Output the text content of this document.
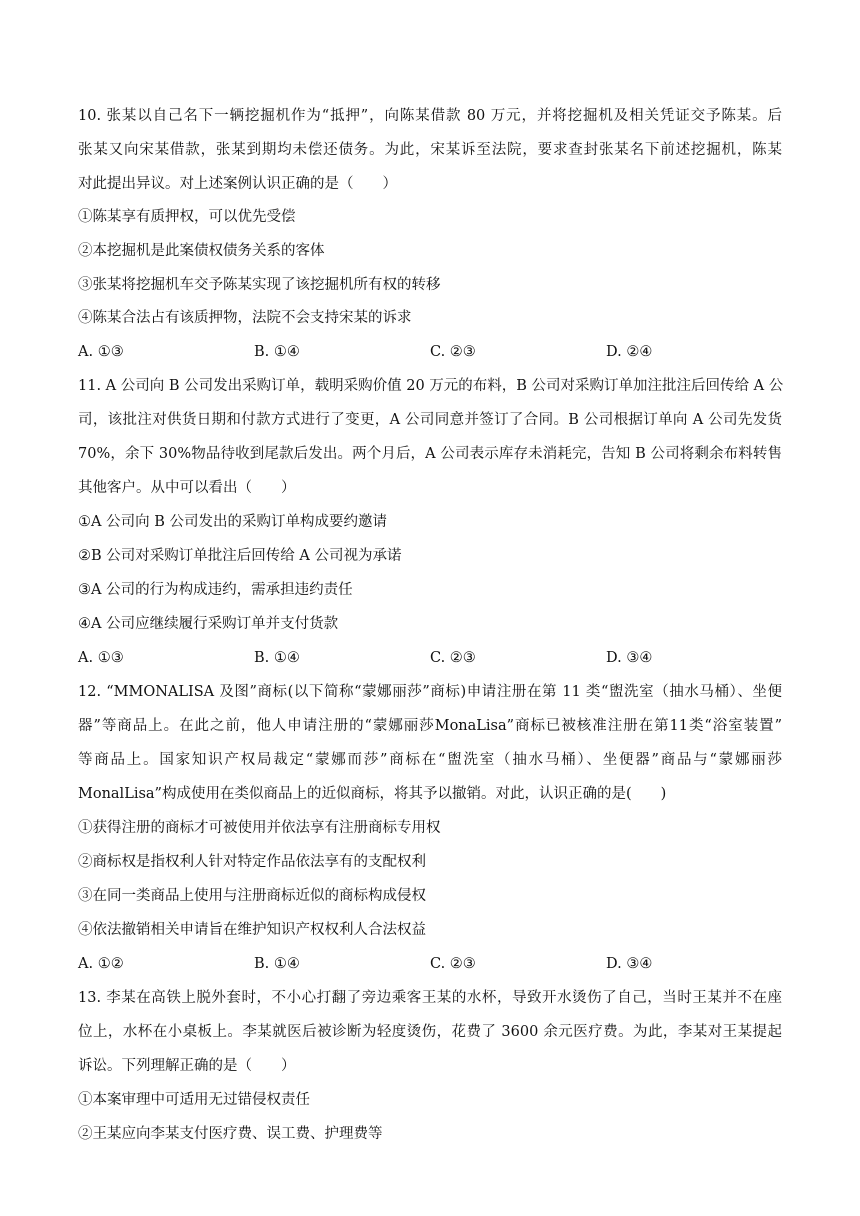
10. 张某以自己名下一辆挖掘机作为“抵押”，向陈某借款 80 万元，并将挖掘机及相关凭证交予陈某。后
张某又向宋某借款，张某到期均未偿还债务。为此，宋某诉至法院，要求查封张某名下前述挖掘机，陈某
对此提出异议。对上述案例认识正确的是（　　）
①陈某享有质押权，可以优先受偿
②本挖掘机是此案债权债务关系的客体
③张某将挖掘机车交予陈某实现了该挖掘机所有权的转移
④陈某合法占有该质押物，法院不会支持宋某的诉求
A. ①③	B. ①④	C. ②③	D. ②④
11. A 公司向 B 公司发出采购订单，载明采购价值 20 万元的布料，B 公司对采购订单加注批注后回传给 A 公
司，该批注对供货日期和付款方式进行了变更，A 公司同意并签订了合同。B 公司根据订单向 A 公司先发货
70%，余下 30%物品待收到尾款后发出。两个月后，A 公司表示库存未消耗完，告知 B 公司将剩余布料转售
其他客户。从中可以看出（　　）
①A 公司向 B 公司发出的采购订单构成要约邀请
②B 公司对采购订单批注后回传给 A 公司视为承诺
③A 公司的行为构成违约，需承担违约责任
④A 公司应继续履行采购订单并支付货款
A. ①③	B. ①④	C. ②③	D. ③④
12. “MMONALISA 及图”商标(以下简称“蒙娜丽莎”商标)申请注册在第 11 类“盥洗室（抽水马桶）、坐便
器”等商品上。在此之前，他人申请注册的“蒙娜丽莎MonaLisa”商标已被核准注册在第11类“浴室装置”
等商品上。国家知识产权局裁定“蒙娜而莎”商标在“盥洗室（抽水马桶）、坐便器”商品与“蒙娜丽莎
MonalLisa”构成使用在类似商品上的近似商标，将其予以撤销。对此，认识正确的是(　　)
①获得注册的商标才可被使用并依法享有注册商标专用权
②商标权是指权利人针对特定作品依法享有的支配权利
③在同一类商品上使用与注册商标近似的商标构成侵权
④依法撤销相关申请旨在维护知识产权权利人合法权益
A. ①②	B. ①④	C. ②③	D. ③④
13. 李某在高铁上脱外套时，不小心打翻了旁边乘客王某的水杯，导致开水烫伤了自己，当时王某并不在座
位上，水杯在小桌板上。李某就医后被诊断为轻度烫伤，花费了 3600 余元医疗费。为此，李某对王某提起
诉讼。下列理解正确的是（　　）
①本案审理中可适用无过错侵权责任
②王某应向李某支付医疗费、误工费、护理费等
